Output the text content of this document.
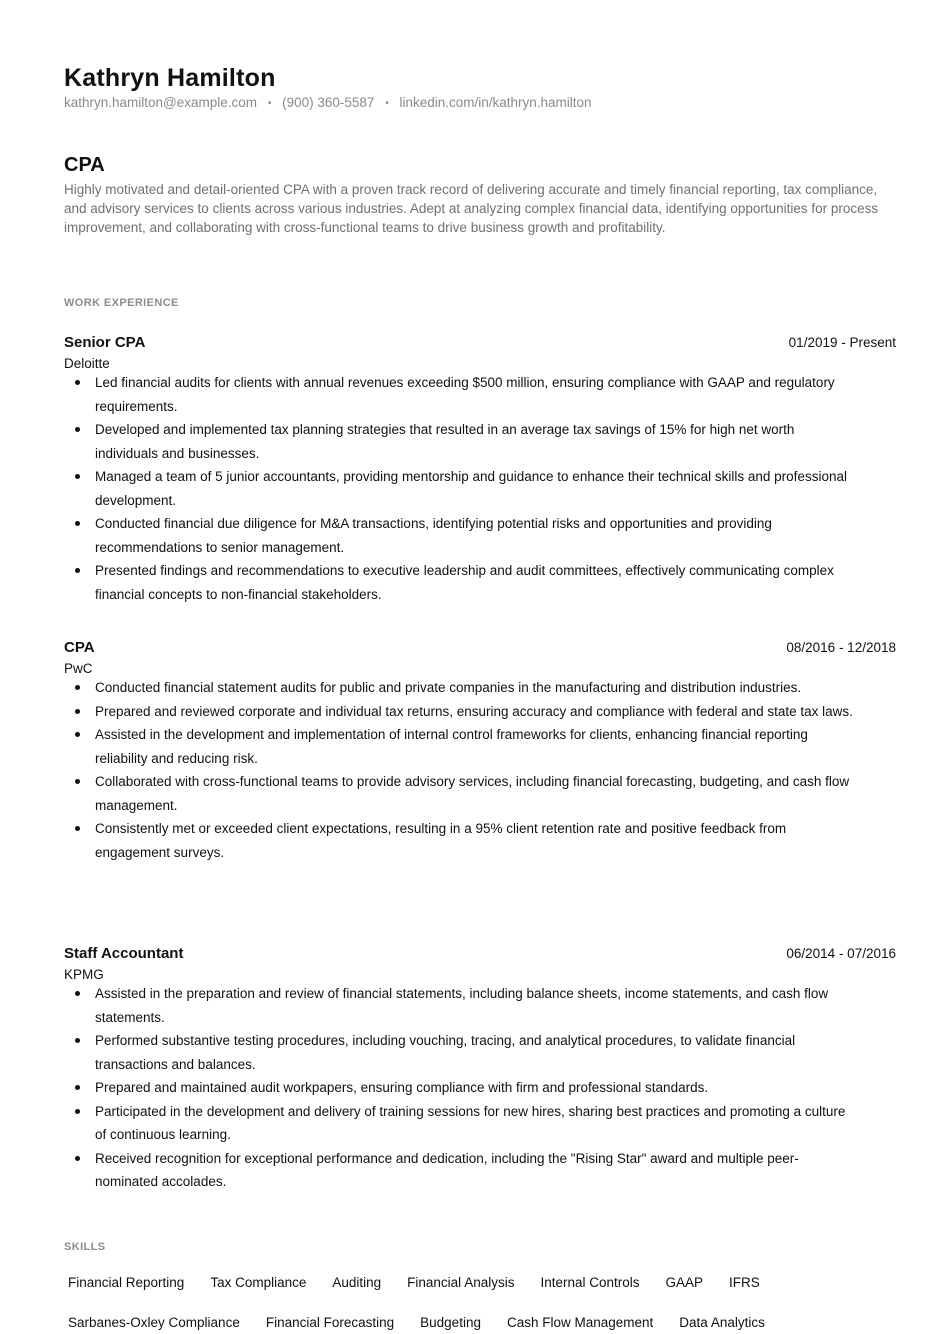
Kathryn Hamilton
kathryn.hamilton@example.com • (900) 360-5587 • linkedin.com/in/kathryn.hamilton
CPA

Highly motivated and detail-oriented CPA with a proven track record of delivering accurate and timely financial reporting, tax compliance, and advisory services to clients across various industries. Adept at analyzing complex financial data, identifying opportunities for process improvement, and collaborating with cross-functional teams to drive business growth and profitability.

WORK EXPERIENCE
Senior CPA	01/2019 - Present
Deloitte
Led financial audits for clients with annual revenues exceeding $500 million, ensuring compliance with GAAP and regulatory requirements.
Developed and implemented tax planning strategies that resulted in an average tax savings of 15% for high net worth individuals and businesses.
Managed a team of 5 junior accountants, providing mentorship and guidance to enhance their technical skills and professional development.
Conducted financial due diligence for M&A transactions, identifying potential risks and opportunities and providing recommendations to senior management.
Presented findings and recommendations to executive leadership and audit committees, effectively communicating complex financial concepts to non-financial stakeholders.
CPA	08/2016 - 12/2018
PwC
Conducted financial statement audits for public and private companies in the manufacturing and distribution industries.
Prepared and reviewed corporate and individual tax returns, ensuring accuracy and compliance with federal and state tax laws.
Assisted in the development and implementation of internal control frameworks for clients, enhancing financial reporting reliability and reducing risk.
Collaborated with cross-functional teams to provide advisory services, including financial forecasting, budgeting, and cash flow management.
Consistently met or exceeded client expectations, resulting in a 95% client retention rate and positive feedback from engagement surveys.
Staff Accountant	06/2014 - 07/2016
KPMG
Assisted in the preparation and review of financial statements, including balance sheets, income statements, and cash flow statements.
Performed substantive testing procedures, including vouching, tracing, and analytical procedures, to validate financial transactions and balances.
Prepared and maintained audit workpapers, ensuring compliance with firm and professional standards.
Participated in the development and delivery of training sessions for new hires, sharing best practices and promoting a culture of continuous learning.
Received recognition for exceptional performance and dedication, including the "Rising Star" award and multiple peer-nominated accolades.
SKILLS
Financial Reporting Tax Compliance Auditing Financial Analysis Internal Controls GAAP IFRS
Sarbanes-Oxley Compliance Financial Forecasting Budgeting Cash Flow Management Data Analytics
